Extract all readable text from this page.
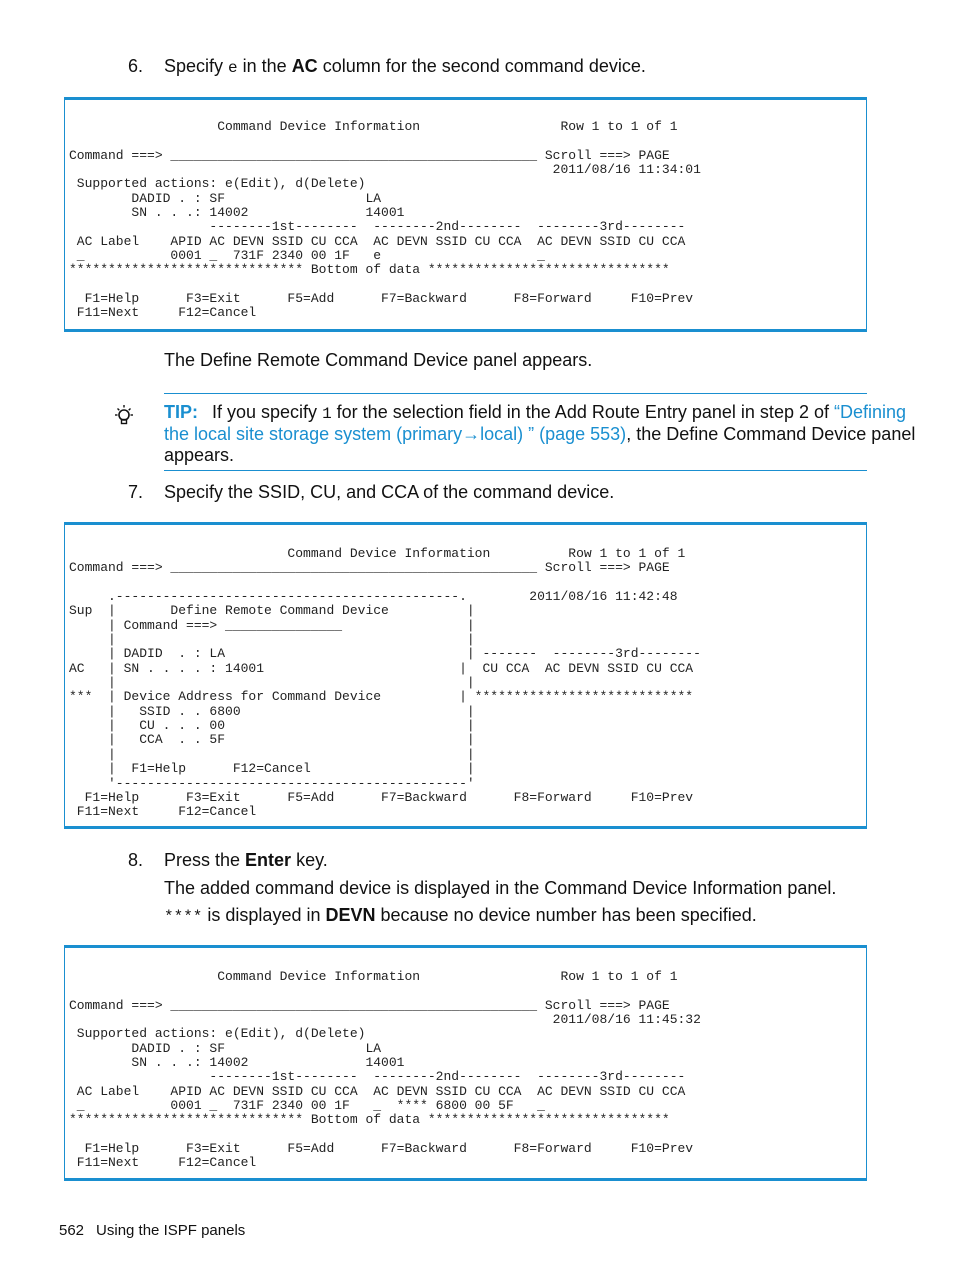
6. Specify e in the AC column for the second command device.
Command Device Information                  Row 1 to 1 of 1

Command ===> _______________________________________________ Scroll ===> PAGE
2011/08/16 11:34:01
Supported actions: e(Edit), d(Delete)
DADID . : SF                  LA
SN . . .: 14002               14001
--------1st--------  --------2nd--------  --------3rd--------
AC Label    APID AC DEVN SSID CU CCA  AC DEVN SSID CU CCA  AC DEVN SSID CU CCA
_           0001 _  731F 2340 00 1F   e                    _
****************************** Bottom of data *******************************

F1=Help      F3=Exit      F5=Add      F7=Backward      F8=Forward     F10=Prev
F11=Next     F12=Cancel

The Define Remote Command Device panel appears.
TIP: If you specify 1 for the selection field in the Add Route Entry panel in step 2 of “Defining
the local site storage system (primary→local) ” (page 553), the Define Command Device panel
appears.
7. Specify the SSID, CU, and CCA of the command device.
Command Device Information          Row 1 to 1 of 1
Command ===> _______________________________________________ Scroll ===> PAGE

.--------------------------------------------.        2011/08/16 11:42:48
Sup  |       Define Remote Command Device          |
| Command ===> _______________                |
|                                             |
| DADID  . : LA                               | -------  --------3rd--------
AC   | SN . . . . : 14001                         |  CU CCA  AC DEVN SSID CU CCA
|                                             |
***  | Device Address for Command Device          | ****************************
|   SSID . . 6800                             |
|   CU . . . 00                               |
|   CCA  . . 5F                               |
|                                             |
|  F1=Help      F12=Cancel                    |
'---------------------------------------------'
F1=Help      F3=Exit      F5=Add      F7=Backward      F8=Forward     F10=Prev
F11=Next     F12=Cancel

8. Press the Enter key.
The added command device is displayed in the Command Device Information panel.
**** is displayed in DEVN because no device number has been specified.
Command Device Information                  Row 1 to 1 of 1

Command ===> _______________________________________________ Scroll ===> PAGE
2011/08/16 11:45:32
Supported actions: e(Edit), d(Delete)
DADID . : SF                  LA
SN . . .: 14002               14001
--------1st--------  --------2nd--------  --------3rd--------
AC Label    APID AC DEVN SSID CU CCA  AC DEVN SSID CU CCA  AC DEVN SSID CU CCA
_           0001 _  731F 2340 00 1F   _  **** 6800 00 5F   _
****************************** Bottom of data *******************************

F1=Help      F3=Exit      F5=Add      F7=Backward      F8=Forward     F10=Prev
F11=Next     F12=Cancel

562 Using the ISPF panels
